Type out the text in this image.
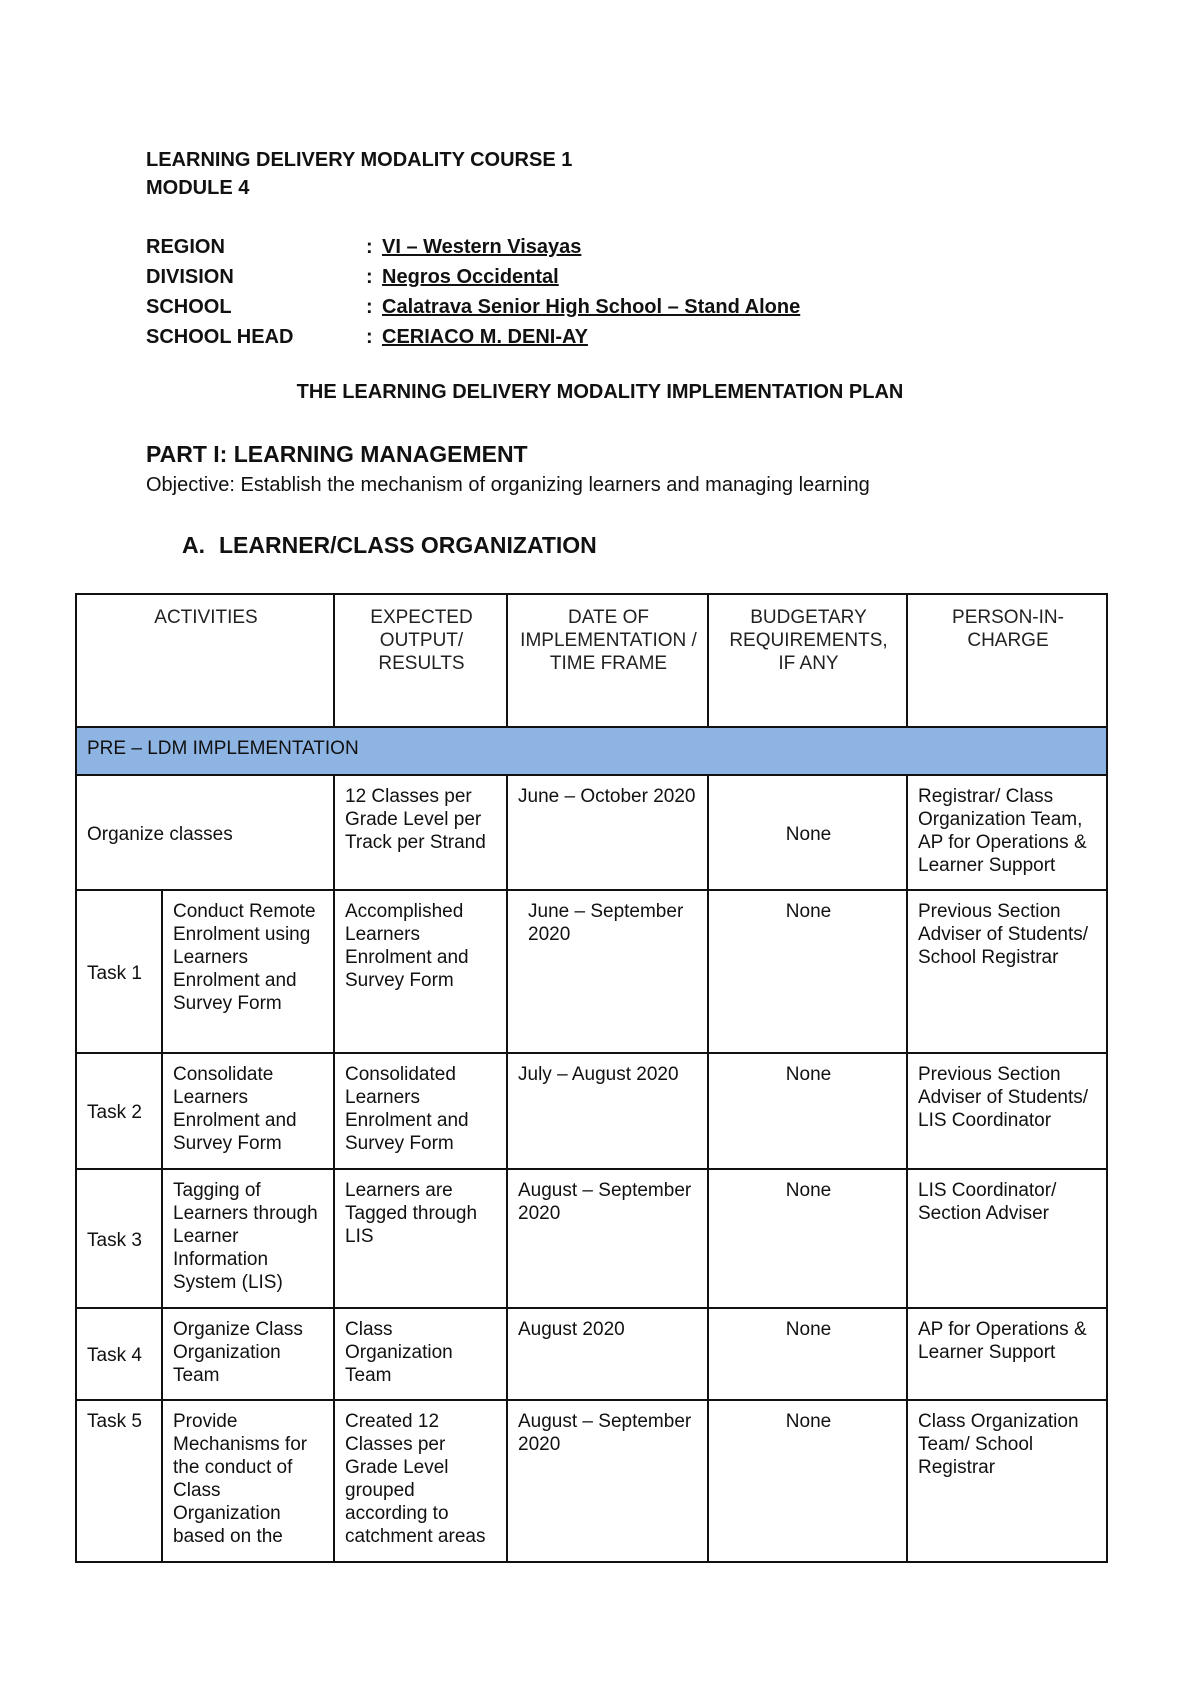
LEARNING DELIVERY MODALITY COURSE 1
MODULE 4
REGION	: VI – Western Visayas
DIVISION	: Negros Occidental
SCHOOL	: Calatrava Senior High School – Stand Alone
SCHOOL HEAD	: CERIACO M. DENI-AY
THE LEARNING DELIVERY MODALITY IMPLEMENTATION PLAN
PART I: LEARNING MANAGEMENT
Objective: Establish the mechanism of organizing learners and managing learning
A. LEARNER/CLASS ORGANIZATION
ACTIVITIES		EXPECTED OUTPUT/ RESULTS	DATE OF IMPLEMENTATION / TIME FRAME	BUDGETARY REQUIREMENTS, IF ANY	PERSON-IN-CHARGE
PRE – LDM IMPLEMENTATION					
Organize classes		12 Classes per Grade Level per Track per Strand	June – October 2020	None	Registrar/ Class Organization Team, AP for Operations & Learner Support
Task 1	Conduct Remote Enrolment using Learners Enrolment and Survey Form	Accomplished Learners Enrolment and Survey Form	June – September 2020	None	Previous Section Adviser of Students/ School Registrar
Task 2	Consolidate Learners Enrolment and Survey Form	Consolidated Learners Enrolment and Survey Form	July – August 2020	None	Previous Section Adviser of Students/ LIS Coordinator
Task 3	Tagging of Learners through Learner Information System (LIS)	Learners are Tagged through LIS	August – September 2020	None	LIS Coordinator/ Section Adviser
Task 4	Organize Class Organization Team	Class Organization Team	August 2020	None	AP for Operations & Learner Support
Task 5	Provide Mechanisms for the conduct of Class Organization based on the	Created 12 Classes per Grade Level grouped according to catchment areas	August – September 2020	None	Class Organization Team/ School Registrar
